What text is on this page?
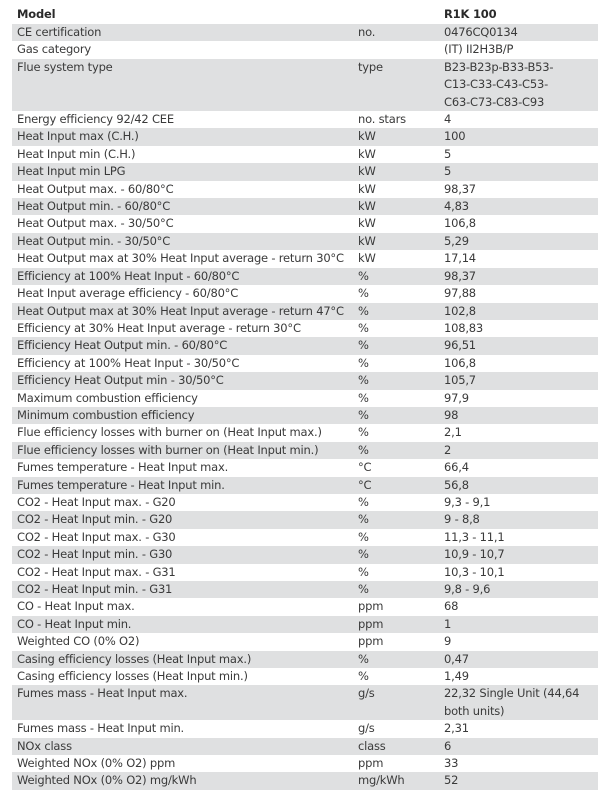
Model		R1K 100
CE certification	no.	0476CQ0134
Gas category		(IT) II2H3B/P
Flue system type	type	B23-B23p-B33-B53-
C13-C33-C43-C53-
C63-C73-C83-C93

Energy efficiency 92/42 CEE	no. stars	4
Heat Input max (C.H.)	kW	100
Heat Input min (C.H.)	kW	5
Heat Input min LPG	kW	5
Heat Output max. - 60/80°C	kW	98,37
Heat Output min. - 60/80°C	kW	4,83
Heat Output max. - 30/50°C	kW	106,8
Heat Output min. - 30/50°C	kW	5,29
Heat Output max at 30% Heat Input average - return 30°C	kW	17,14
Efficiency at 100% Heat Input - 60/80°C	%	98,37
Heat Input average efficiency - 60/80°C	%	97,88
Heat Output max at 30% Heat Input average - return 47°C	%	102,8
Efficiency at 30% Heat Input average - return 30°C	%	108,83
Efficiency Heat Output min. - 60/80°C	%	96,51
Efficiency at 100% Heat Input - 30/50°C	%	106,8
Efficiency Heat Output min - 30/50°C	%	105,7
Maximum combustion efficiency	%	97,9
Minimum combustion efficiency	%	98
Flue efficiency losses with burner on (Heat Input max.)	%	2,1
Flue efficiency losses with burner on (Heat Input min.)	%	2
Fumes temperature - Heat Input max.	°C	66,4
Fumes temperature - Heat Input min.	°C	56,8
CO2 - Heat Input max. - G20	%	9,3 - 9,1
CO2 - Heat Input min. - G20	%	9 - 8,8
CO2 - Heat Input max. - G30	%	11,3 - 11,1
CO2 - Heat Input min. - G30	%	10,9 - 10,7
CO2 - Heat Input max. - G31	%	10,3 - 10,1
CO2 - Heat Input min. - G31	%	9,8 - 9,6
CO - Heat Input max.	ppm	68
CO - Heat Input min.	ppm	1
Weighted CO (0% O2)	ppm	9
Casing efficiency losses (Heat Input max.)	%	0,47
Casing efficiency losses (Heat Input min.)	%	1,49
Fumes mass - Heat Input max.	g/s	22,32 Single Unit (44,64
both units)

Fumes mass - Heat Input min.	g/s	2,31
NOx class	class	6
Weighted NOx (0% O2) ppm	ppm	33
Weighted NOx (0% O2) mg/kWh	mg/kWh	52
